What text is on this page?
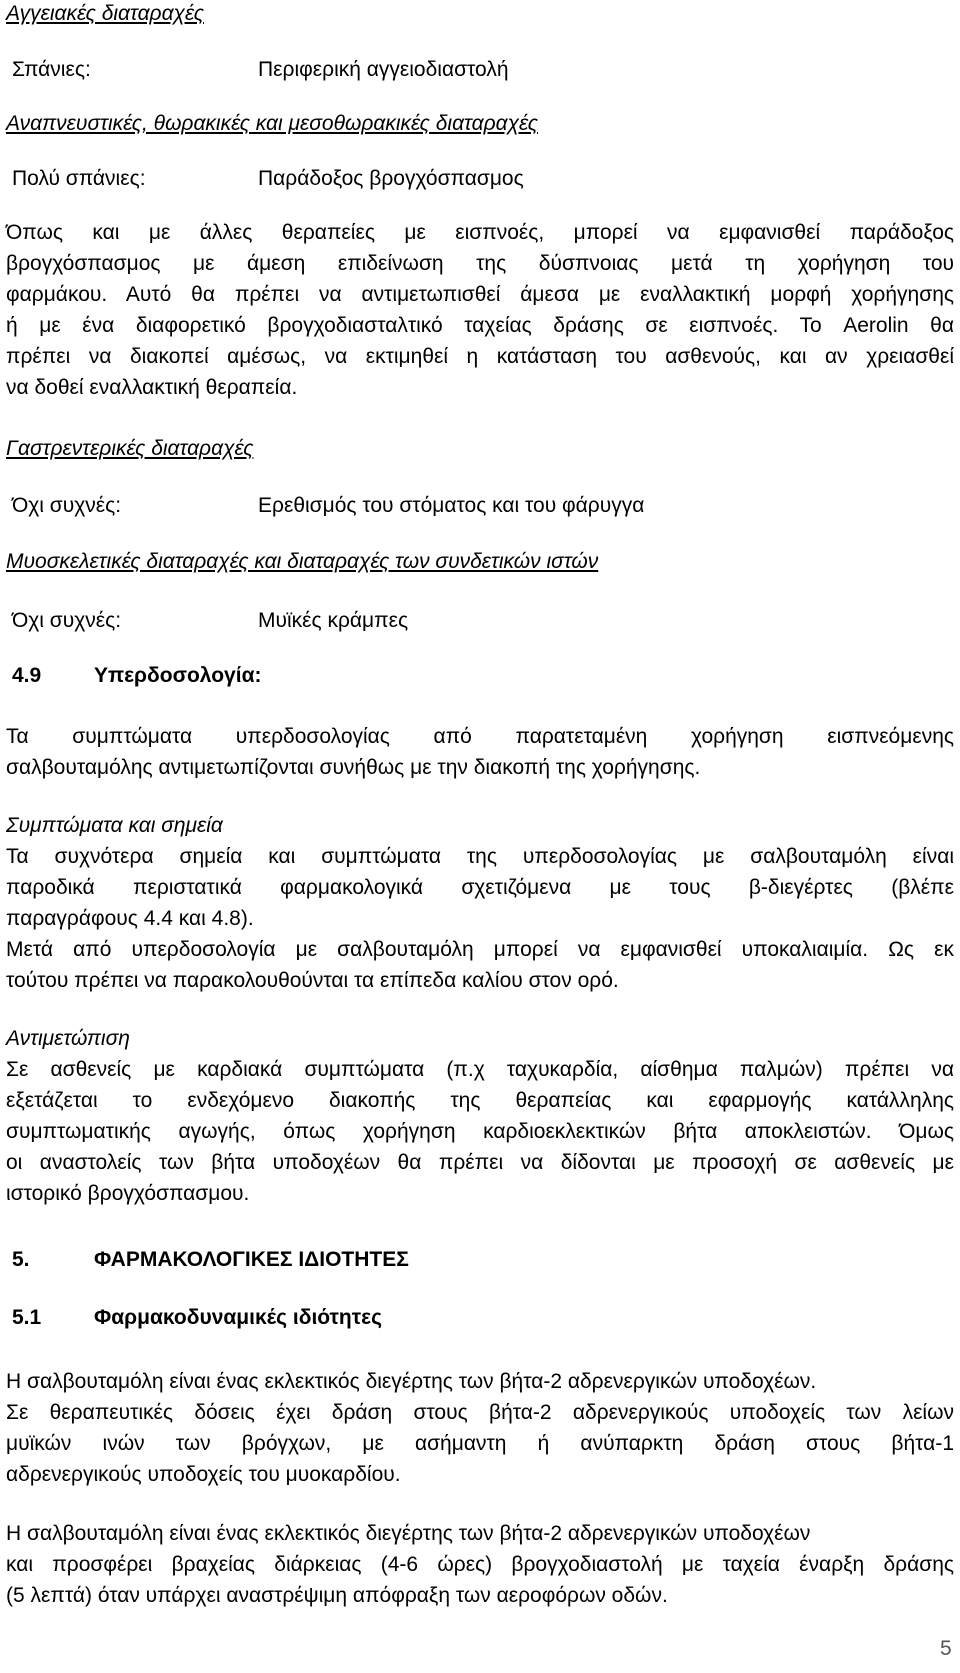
Αγγειακές διαταραχές

Σπάνιες:	Περιφερική αγγειοδιαστολή

Αναπνευστικές, θωρακικές και μεσοθωρακικές διαταραχές

Πολύ σπάνιες:	Παράδοξος βρογχόσπασμος

Όπως και με άλλες θεραπείες με εισπνοές, μπορεί να εμφανισθεί παράδοξος

βρογχόσπασμος με άμεση επιδείνωση της δύσπνοιας μετά τη χορήγηση του

φαρμάκου. Αυτό θα πρέπει να αντιμετωπισθεί άμεσα με εναλλακτική μορφή χορήγησης

ή με ένα διαφορετικό βρογχοδιασταλτικό ταχείας δράσης σε εισπνοές. Το Aerolin θα

πρέπει να διακοπεί αμέσως, να εκτιμηθεί η κατάσταση του ασθενούς, και αν χρειασθεί

να δοθεί εναλλακτική θεραπεία.

Γαστρεντερικές διαταραχές

Όχι συχνές:	Ερεθισμός του στόματος και του φάρυγγα

Μυοσκελετικές διαταραχές και διαταραχές των συνδετικών ιστών

Όχι συχνές:	Μυϊκές κράμπες
4.9	Υπερδοσολογία:

Τα συμπτώματα υπερδοσολογίας από παρατεταμένη χορήγηση εισπνεόμενης

σαλβουταμόλης αντιμετωπίζονται συνήθως με την διακοπή της χορήγησης.

Συμπτώματα και σημεία

Τα συχνότερα σημεία και συμπτώματα της υπερδοσολογίας με σαλβουταμόλη είναι

παροδικά περιστατικά φαρμακολογικά σχετιζόμενα με τους β-διεγέρτες (βλέπε

παραγράφους 4.4 και 4.8).

Μετά από υπερδοσολογία με σαλβουταμόλη μπορεί να εμφανισθεί υποκαλιαιμία. Ως εκ

τούτου πρέπει να παρακολουθούνται τα επίπεδα καλίου στον ορό.

Αντιμετώπιση

Σε ασθενείς με καρδιακά συμπτώματα (π.χ ταχυκαρδία, αίσθημα παλμών) πρέπει να

εξετάζεται το ενδεχόμενο διακοπής της θεραπείας και εφαρμογής κατάλληλης

συμπτωματικής αγωγής, όπως χορήγηση καρδιοεκλεκτικών βήτα αποκλειστών. Όμως

οι αναστολείς των βήτα υποδοχέων θα πρέπει να δίδονται με προσοχή σε ασθενείς με

ιστορικό βρογχόσπασμου.

5.	ΦΑΡΜΑΚΟΛΟΓΙΚΕΣ ΙΔΙΟΤΗΤΕΣ
5.1	Φαρμακοδυναμικές ιδιότητες

Η σαλβουταμόλη είναι ένας εκλεκτικός διεγέρτης των βήτα-2 αδρενεργικών υποδοχέων.

Σε θεραπευτικές δόσεις έχει δράση στους βήτα-2 αδρενεργικούς υποδοχείς των λείων

μυϊκών ινών των βρόγχων, με ασήμαντη ή ανύπαρκτη δράση στους βήτα-1

αδρενεργικούς υποδοχείς του μυοκαρδίου.

Η σαλβουταμόλη είναι ένας εκλεκτικός διεγέρτης των βήτα-2 αδρενεργικών υποδοχέων

και προσφέρει βραχείας διάρκειας (4-6 ώρες) βρογχοδιαστολή με ταχεία έναρξη δράσης

(5 λεπτά) όταν υπάρχει αναστρέψιμη απόφραξη των αεροφόρων οδών.

5
